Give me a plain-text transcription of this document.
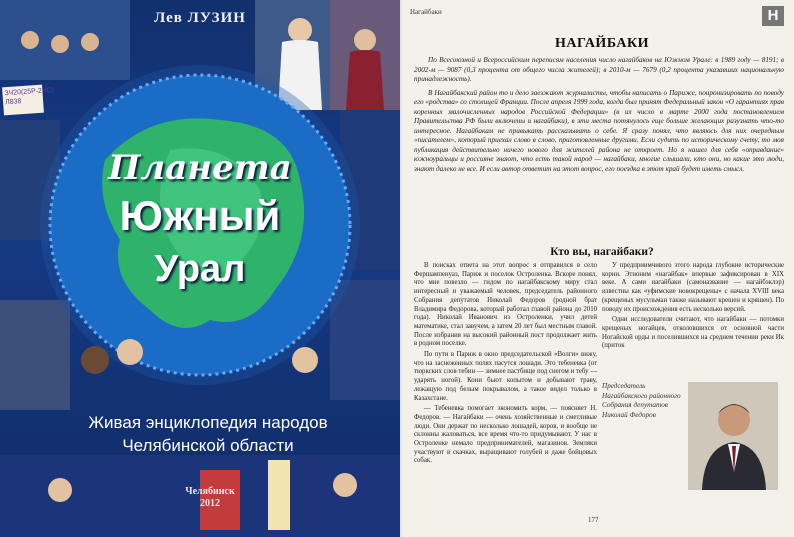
ЗЧ20(25Р-2ЧС) Л838
Лев ЛУЗИН
Планета
Южный
Урал
Живая энциклопедия народов
Челябинской области
Челябинск
2012
Нагайбаки	Н
НАГАЙБАКИ

По Всесоюзной и Всероссийским переписям населения число нагайбаков на Южном Урале: в 1989 году — 8191; в 2002-м — 9087 (0,3 процента от общего числа жителей); в 2010-м — 7679 (0,2 процента указавших национальную принадлежность).

В Нагайбакский район то и дело заезжают журналисты, чтобы написать о Париже, поиронизировать по поводу его «родства» со столицей Франции. После апреля 1999 года, когда был принят Федеральный закон «О гарантиях прав коренных малочисленных народов Российской Федерации» (в их число в марте 2000 года постановлением Правительства РФ были включены и нагайбаки), в эти места потянулось еще больше желающих разузнать что-то интересное. Нагайбакам не привыкать рассказывать о себе. Я сразу понял, что являюсь для них очередным «писателем», который приехал слово в слово, приготовленные другими. Если судить по историческому счету, то моя публикация действительно ничего нового для жителей района не откроет. Но я нашел для себя «оправдание» южноуральцы и россияне знают, что есть такой народ — нагайбаки, многие слышали, кто они, но какие это люди, знают далеко не все. И если автор ответит на этот вопрос, его поездка в этот край будет иметь смысл.

Кто вы, нагайбаки?

В поисках ответа на этот вопрос я отправился в село Фершампенуаз, Париж и поселок Остроленка. Вскоре понял, что мне повезло — гидом по нагайбакскому миру стал интересный и уважаемый человек, председатель районного Собрания депутатов Николай Федоров (родной брат Владимира Федорова, который работал главой района до 2010 года). Николай Иванович из Остроленки, учил детей математике, стал завучем, а затем 20 лет был местным главой. После избрания на высокий районный пост продолжает жить в родном поселке.

По пути в Париж в окно председательской «Волги» вижу, что на заснеженных полях пасутся лошади. Это тебеневка (от тюркских слов тебин — зимнее пастбище под снегом и тебу — ударять ногой). Кони бьют копытом и добывают траву, лежащую под белым покрывалом, а такое видел только в Казахстане.

— Тебеневка помогает экономить корм, — поясняет Н. Федоров. — Нагайбаки — очень хозяйственные и сметливые люди. Они держат по несколько лошадей, коров, и вообще не склонны жаловаться, все время что-то придумывают. У нас в Остроленке немало предпринимателей, магазинов. Земляки участвуют в скачках, выращивают голубей и даже бойцовых собак.

У предприимчивого этого народа глубокие исторические корни. Этноним «нагайбак» впервые зафиксирован в XIX веке. А сами нагайбаки (самоназвание — нагайбэклэр) известны как «уфимские новокрещены» с начала XVIII века (крещеных мусульман также называют крешен и кряшен). По поводу их происхождения есть несколько версий.

Одни исследователи считают, что нагайбаки — потомки крещеных ногайцев, отколовшихся от основной части Ногайской орды и поселившихся на среднем течении реки Ик (приток

Председатель Нагайбакского районного Собрания депутатов Николай Федоров
177
